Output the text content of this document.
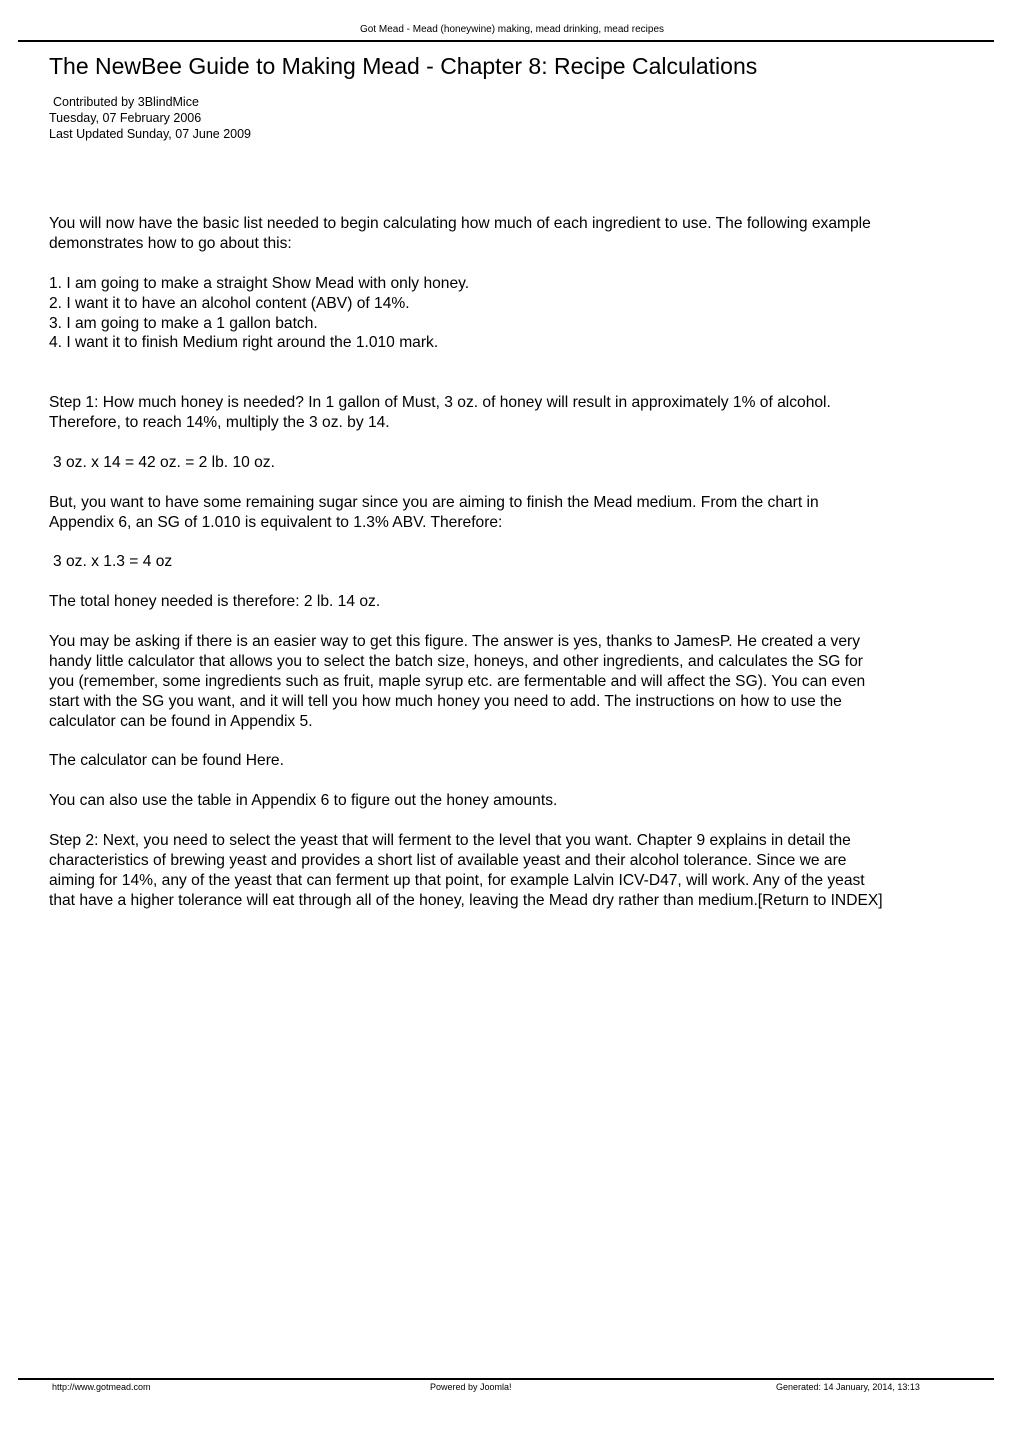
Got Mead - Mead (honeywine) making, mead drinking, mead recipes
The NewBee Guide to Making Mead - Chapter 8: Recipe Calculations
Contributed by 3BlindMice
Tuesday, 07 February 2006
Last Updated Sunday, 07 June 2009

You will now have the basic list needed to begin calculating how much of each ingredient to use. The following example

demonstrates how to go about this:

1. I am going to make a straight Show Mead with only honey.

2. I want it to have an alcohol content (ABV) of 14%.

3. I am going to make a 1 gallon batch.

4. I want it to finish Medium right around the 1.010 mark.

Step 1: How much honey is needed? In 1 gallon of Must, 3 oz. of honey will result in approximately 1% of alcohol.

Therefore, to reach 14%, multiply the 3 oz. by 14.

3 oz. x 14 = 42 oz. = 2 lb. 10 oz.

But, you want to have some remaining sugar since you are aiming to finish the Mead medium. From the chart in

Appendix 6, an SG of 1.010 is equivalent to 1.3% ABV. Therefore:

3 oz. x 1.3 = 4 oz

The total honey needed is therefore: 2 lb. 14 oz.

You may be asking if there is an easier way to get this figure. The answer is yes, thanks to JamesP. He created a very

handy little calculator that allows you to select the batch size, honeys, and other ingredients, and calculates the SG for

you (remember, some ingredients such as fruit, maple syrup etc. are fermentable and will affect the SG). You can even

start with the SG you want, and it will tell you how much honey you need to add. The instructions on how to use the

calculator can be found in Appendix 5.

The calculator can be found Here.

You can also use the table in Appendix 6 to figure out the honey amounts.

Step 2: Next, you need to select the yeast that will ferment to the level that you want. Chapter 9 explains in detail the

characteristics of brewing yeast and provides a short list of available yeast and their alcohol tolerance. Since we are

aiming for 14%, any of the yeast that can ferment up that point, for example Lalvin ICV-D47, will work. Any of the yeast

that have a higher tolerance will eat through all of the honey, leaving the Mead dry rather than medium.[Return to INDEX]

http://www.gotmead.com	Powered by Joomla!	Generated: 14 January, 2014, 13:13
